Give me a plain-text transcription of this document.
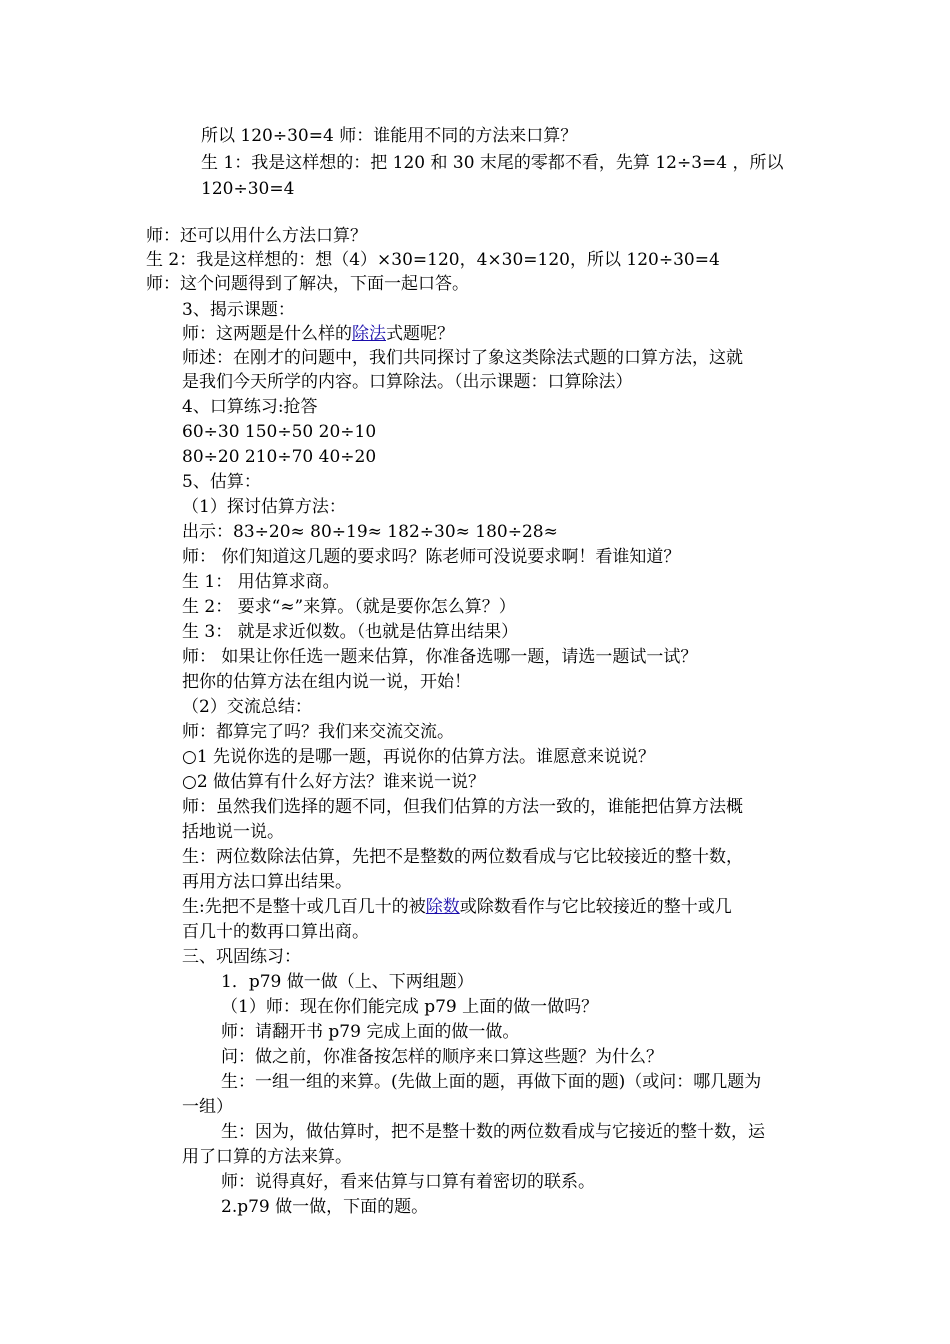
所以 120÷30=4 师：谁能用不同的方法来口算？
生 1：我是这样想的：把 120 和 30 末尾的零都不看，先算 12÷3=4 ，所以
120÷30=4
师：还可以用什么方法口算？
生 2：我是这样想的：想（4）×30=120，4×30=120，所以 120÷30=4
师：这个问题得到了解决，下面一起口答。
3、揭示课题：
师：这两题是什么样的除法式题呢？
师述：在刚才的问题中，我们共同探讨了象这类除法式题的口算方法，这就
是我们今天所学的内容。口算除法。（出示课题：口算除法）
4、口算练习:抢答
60÷30 150÷50 20÷10
80÷20 210÷70 40÷20
5、估算：
（1）探讨估算方法：
出示：83÷20≈ 80÷19≈ 182÷30≈ 180÷28≈
师： 你们知道这几题的要求吗？陈老师可没说要求啊！看谁知道？
生 1： 用估算求商。
生 2： 要求“≈”来算。（就是要你怎么算？）
生 3： 就是求近似数。（也就是估算出结果）
师： 如果让你任选一题来估算，你准备选哪一题，请选一题试一试？
把你的估算方法在组内说一说，开始！
（2）交流总结：
师：都算完了吗？我们来交流交流。
○1 先说你选的是哪一题，再说你的估算方法。谁愿意来说说？
○2 做估算有什么好方法？谁来说一说？
师：虽然我们选择的题不同，但我们估算的方法一致的，谁能把估算方法概
括地说一说。
生：两位数除法估算，先把不是整数的两位数看成与它比较接近的整十数，
再用方法口算出结果。
生:先把不是整十或几百几十的被除数或除数看作与它比较接近的整十或几
百几十的数再口算出商。
三、巩固练习：
1．p79 做一做（上、下两组题）
（1）师：现在你们能完成 p79 上面的做一做吗？
师：请翻开书 p79 完成上面的做一做。
问：做之前，你准备按怎样的顺序来口算这些题？为什么？
生：一组一组的来算。(先做上面的题，再做下面的题)（或问：哪几题为
一组）
生：因为，做估算时，把不是整十数的两位数看成与它接近的整十数，运
用了口算的方法来算。
师：说得真好，看来估算与口算有着密切的联系。
2.p79 做一做，下面的题。
